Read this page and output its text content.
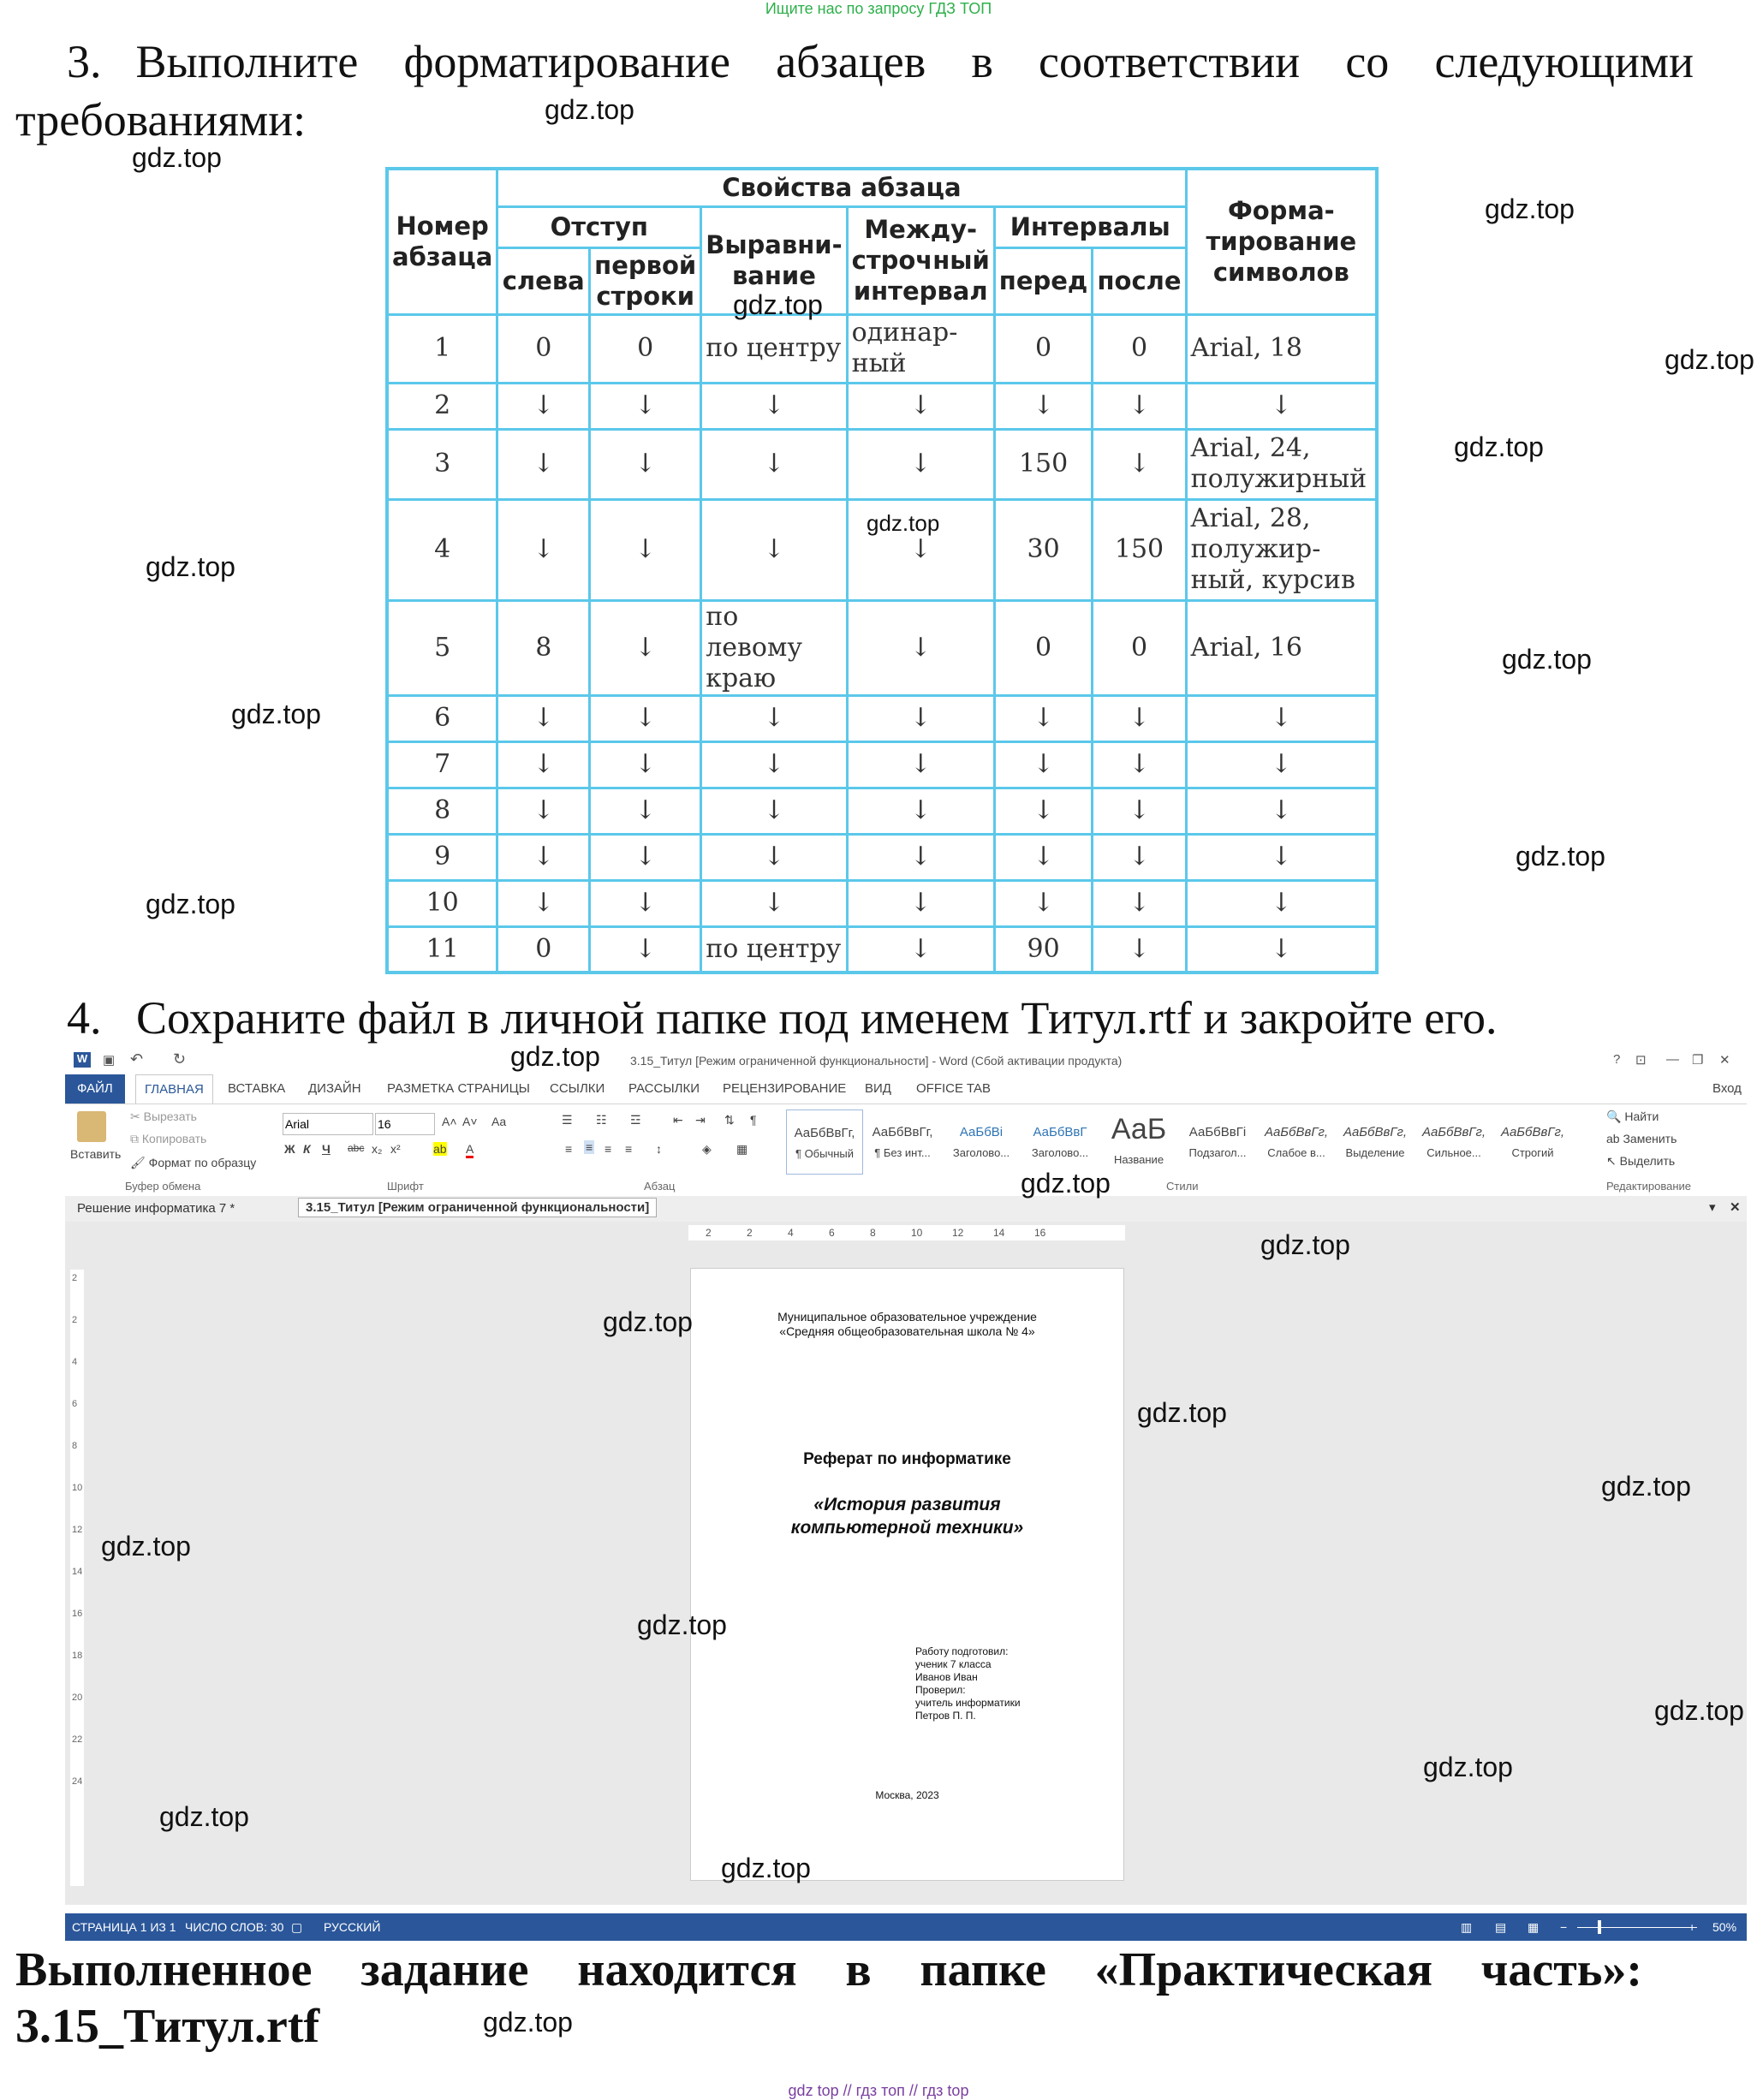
Ищите нас по запросу ГДЗ ТОП
3. Выполните форматирование абзацев в соответствии со следующими требованиями:
Номер абзаца	Свойства абзаца						Форма-тирование символов
	Отступ		Выравни-вание	Между-строчный интервал	Интервалы		
	слева	первой строки			перед	после	
1	0	0	по центру	одинар-ный	0	0	Arial, 18
2	↓	↓	↓	↓	↓	↓	↓
3	↓	↓	↓	↓	150	↓	Arial, 24, полужирный
4	↓	↓	↓	↓	30	150	Arial, 28, полужир-ный, курсив
5	8	↓	по левому краю	↓	0	0	Arial, 16
6	↓	↓	↓	↓	↓	↓	↓
7	↓	↓	↓	↓	↓	↓	↓
8	↓	↓	↓	↓	↓	↓	↓
9	↓	↓	↓	↓	↓	↓	↓
10	↓	↓	↓	↓	↓	↓	↓
11	0	↓	по центру	↓	90	↓	↓
4. Сохраните файл в личной папке под именем Титул.rtf и закройте его.
W ▣ ↶ ↻	3.15_Титул [Режим ограниченной функциональности] - Word (Сбой активации продукта)	? ⊡ — ❐ ✕
ФАЙЛ	ГЛАВНАЯ	ВСТАВКА ДИЗАЙН РАЗМЕТКА СТРАНИЦЫ ССЫЛКИ РАССЫЛКИ РЕЦЕНЗИРОВАНИЕ ВИД OFFICE TAB	Вход
Вставить
✂ Вырезать
⧉ Копировать
🖌 Формат по образцу
Буфер обмена
Arial
16
A˄ A˅ Aa
Ж К Ч abc x₂ x²	ab A
Шрифт
☰ ☷ ☲	⇤ ⇥ ⇅ ¶
≡ ≡ ≡ ≡ ↕	◈ ▦
Абзац
АаБбВвГг,
¶ Обычный
АаБбВвГг,
¶ Без инт...
АаБбВі
Заголово...
АаБбВвГ
Заголово...
АаБ
Название
АаБбВвГі
Подзагол...
АаБбВвГг,
Слабое в...
АаБбВвГг,
Выделение
АаБбВвГг,
Сильное...
АаБбВвГг,
Строгий
Стили
🔍 Найти
ab Заменить
↖ Выделить
Редактирование
Решение информатика 7 *	3.15_Титул [Режим ограниченной функциональности]	▾ ✕
2	2	4	6	8	10	12	14	16
2
2
4
6
8
10
12
14
16
18
20
22
24
Муниципальное образовательное учреждение
«Средняя общеобразовательная школа № 4»
Реферат по информатике
«История развития
компьютерной техники»
Работу подготовил:
ученик 7 класса
Иванов Иван
Проверил:
учитель информатики
Петров П. П.
Москва, 2023
СТРАНИЦА 1 ИЗ 1 ЧИСЛО СЛОВ: 30 ▢ РУССКИЙ	▥ ▤ ▦ −	+ 50%
Выполненное задание находится в папке «Практическая часть»: 3.15_Титул.rtf
gdz.top
gdz.top
gdz.top
gdz.top
gdz.top
gdz.top
gdz.top
gdz.top
gdz.top
gdz.top
gdz.top
gdz.top
gdz.top
gdz.top
gdz.top
gdz.top
gdz.top
gdz.top
gdz.top
gdz.top
gdz.top
gdz.top
gdz.top
gdz.top
gdz.top
gdz top // гдз топ // гдз top
